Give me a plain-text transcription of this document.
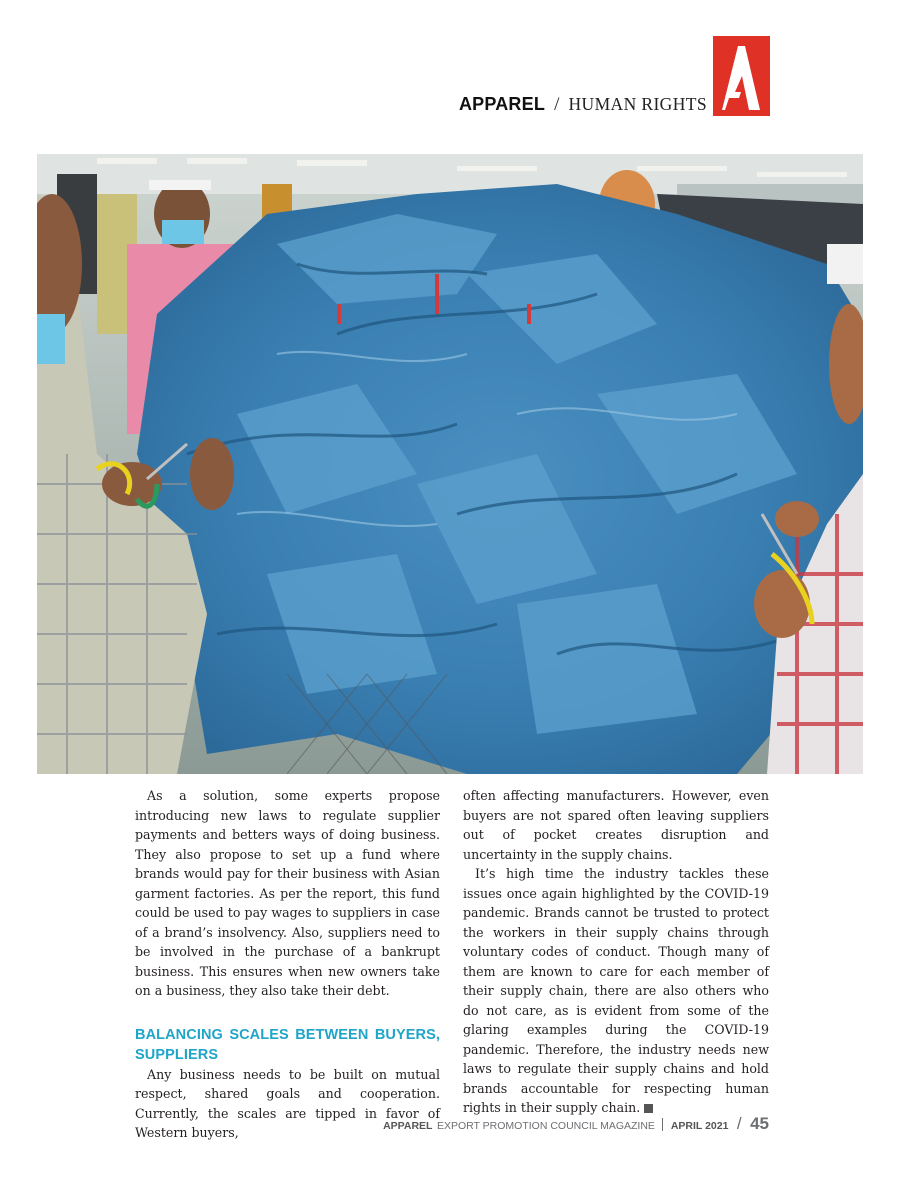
APPAREL / HUMAN RIGHTS

As a solution, some experts propose introducing new laws to regulate supplier payments and betters ways of doing business. They also propose to set up a fund where brands would pay for their business with Asian garment factories. As per the report, this fund could be used to pay wages to suppliers in case of a brand’s insolvency. Also, suppliers need to be involved in the purchase of a bankrupt business. This ensures when new owners take on a business, they also take their debt.

BALANCING SCALES BETWEEN BUYERS, SUPPLIERS

Any business needs to be built on mutual respect, shared goals and cooperation. Currently, the scales are tipped in favor of Western buyers,

often affecting manufacturers. However, even buyers are not spared often leaving suppliers out of pocket creates disruption and uncertainty in the supply chains.

It’s high time the industry tackles these issues once again highlighted by the COVID-19 pandemic. Brands cannot be trusted to protect the workers in their supply chains through voluntary codes of conduct. Though many of them are known to care for each member of their supply chain, there are also others who do not care, as is evident from some of the glaring examples during the COVID-19 pandemic. Therefore, the industry needs new laws to regulate their supply chains and hold brands accountable for respecting human rights in their supply chain.

APPAREL EXPORT PROMOTION COUNCIL MAGAZINE APRIL 2021 / 45
